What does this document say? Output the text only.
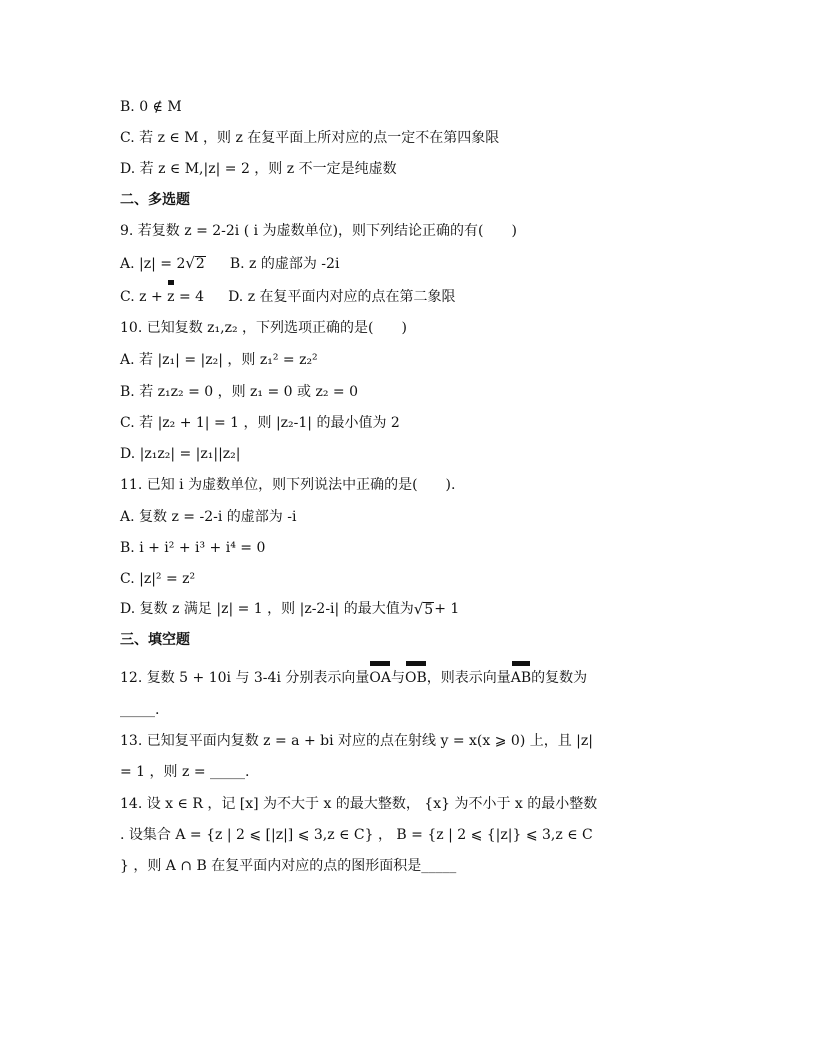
B. 0 ∉ M
C. 若 z ∈ M ，则 z 在复平面上所对应的点一定不在第四象限
D. 若 z ∈ M,|z| = 2 ，则 z 不一定是纯虚数
二、多选题
9. 若复数 z = 2-2i ( i 为虚数单位)，则下列结论正确的有(　　)
A. |z| = 2 √ 2 B. z 的虚部为 -2i
C. z + z = 4 D. z 在复平面内对应的点在第二象限
10. 已知复数 z₁,z₂ ，下列选项正确的是(　　)
A. 若 |z₁| = |z₂| ，则 z₁² = z₂²
B. 若 z₁z₂ = 0 ，则 z₁ = 0 或 z₂ = 0
C. 若 |z₂ + 1| = 1 ，则 |z₂-1| 的最小值为 2
D. |z₁z₂| = |z₁||z₂|
11. 已知 i 为虚数单位，则下列说法中正确的是(　　).
A. 复数 z = -2-i 的虚部为 -i
B. i + i² + i³ + i⁴ = 0
C. |z|² = z²
D. 复数 z 满足 |z| = 1 ，则 |z-2-i| 的最大值为 √ 5 + 1
三、填空题
12. 复数 5 + 10i 与 3-4i 分别表示向量 OA 与 OB ，则表示向量 AB 的复数为
_____.
13. 已知复平面内复数 z = a + bi 对应的点在射线 y = x(x ⩾ 0) 上，且 |z|
= 1 ，则 z = _____.
14. 设 x ∈ R ，记 [x] 为不大于 x 的最大整数， {x} 为不小于 x 的最小整数
. 设集合 A = {z | 2 ⩽ [|z|] ⩽ 3,z ∈ C} ， B = {z | 2 ⩽ {|z|} ⩽ 3,z ∈ C
} ，则 A ∩ B 在复平面内对应的点的图形面积是_____
